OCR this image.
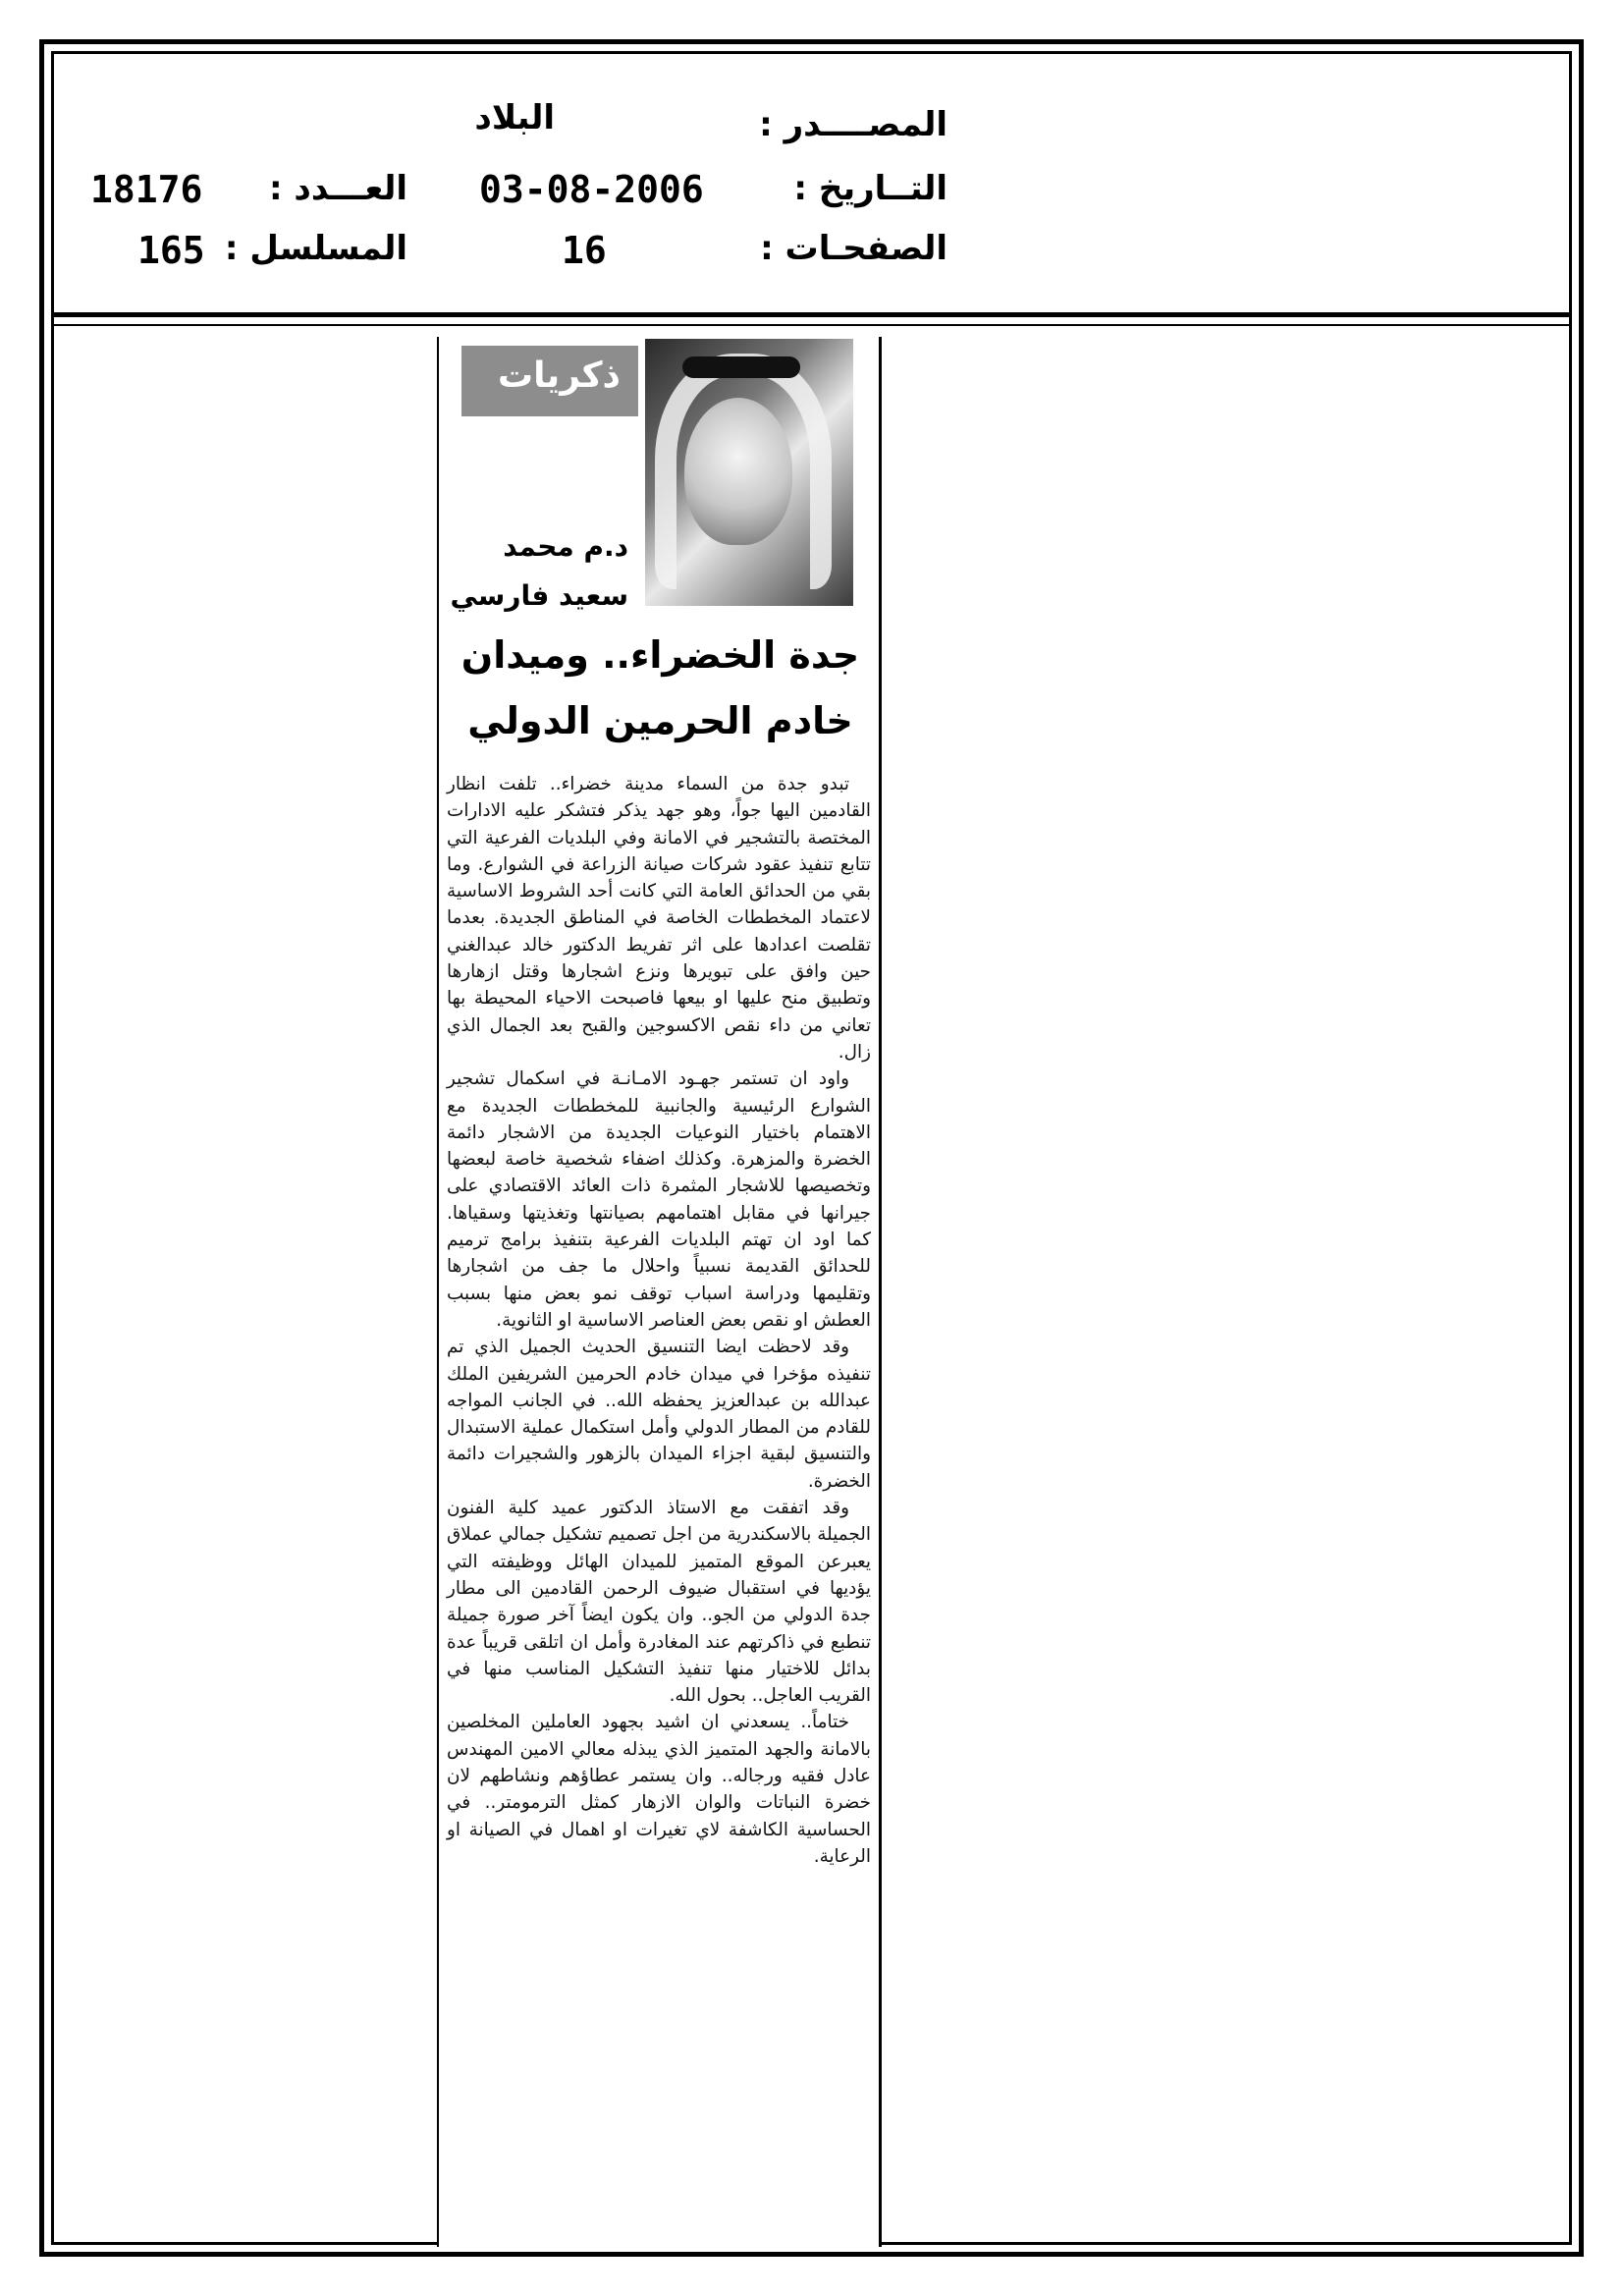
المصــــدر :
البلاد
التــاريخ :
03-08-2006
العـــدد :
18176
الصفحـات :
16
المسلسل :
165
ذكريات
د.م محمد
سعيد فارسي
جدة الخضراء.. وميدان
خادم الحرمين الدولي

تبدو جدة من السماء مدينة خضراء.. تلفت انظار القادمين اليها جواً، وهو جهد يذكر فتشكر عليه الادارات المختصة بالتشجير في الامانة وفي البلديات الفرعية التي تتابع تنفيذ عقود شركات صيانة الزراعة في الشوارع. وما بقي من الحدائق العامة التي كانت أحد الشروط الاساسية لاعتماد المخططات الخاصة في المناطق الجديدة. بعدما تقلصت اعدادها على اثر تفريط الدكتور خالد عبدالغني حين وافق على تبويرها ونزع اشجارها وقتل ازهارها وتطبيق منح عليها او بيعها فاصبحت الاحياء المحيطة بها تعاني من داء نقص الاكسوجين والقبح بعد الجمال الذي زال.

واود ان تستمر جهـود الامـانـة في اسكمال تشجير الشوارع الرئيسية والجانبية للمخططات الجديدة مع الاهتمام باختيار النوعيات الجديدة من الاشجار دائمة الخضرة والمزهرة. وكذلك اضفاء شخصية خاصة لبعضها وتخصيصها للاشجار المثمرة ذات العائد الاقتصادي على جيرانها في مقابل اهتمامهم بصيانتها وتغذيتها وسقياها. كما اود ان تهتم البلديات الفرعية بتنفيذ برامج ترميم للحدائق القديمة نسبياً واحلال ما جف من اشجارها وتقليمها ودراسة اسباب توقف نمو بعض منها بسبب العطش او نقص بعض العناصر الاساسية او الثانوية.

وقد لاحظت ايضا التنسيق الحديث الجميل الذي تم تنفيذه مؤخرا في ميدان خادم الحرمين الشريفين الملك عبدالله بن عبدالعزيز يحفظه الله.. في الجانب المواجه للقادم من المطار الدولي وأمل استكمال عملية الاستبدال والتنسيق لبقية اجزاء الميدان بالزهور والشجيرات دائمة الخضرة.

وقد اتفقت مع الاستاذ الدكتور عميد كلية الفنون الجميلة بالاسكندرية من اجل تصميم تشكيل جمالي عملاق يعبرعن الموقع المتميز للميدان الهائل ووظيفته التي يؤديها في استقبال ضيوف الرحمن القادمين الى مطار جدة الدولي من الجو.. وان يكون ايضاً آخر صورة جميلة تنطبع في ذاكرتهم عند المغادرة وأمل ان اتلقى قريباً عدة بدائل للاختيار منها تنفيذ التشكيل المناسب منها في القريب العاجل.. بحول الله.

ختاماً.. يسعدني ان اشيد بجهود العاملين المخلصين بالامانة والجهد المتميز الذي يبذله معالي الامين المهندس عادل فقيه ورجاله.. وان يستمر عطاؤهم ونشاطهم لان خضرة النباتات والوان الازهار كمثل الترمومتر.. في الحساسية الكاشفة لاي تغيرات او اهمال في الصيانة او الرعاية.
